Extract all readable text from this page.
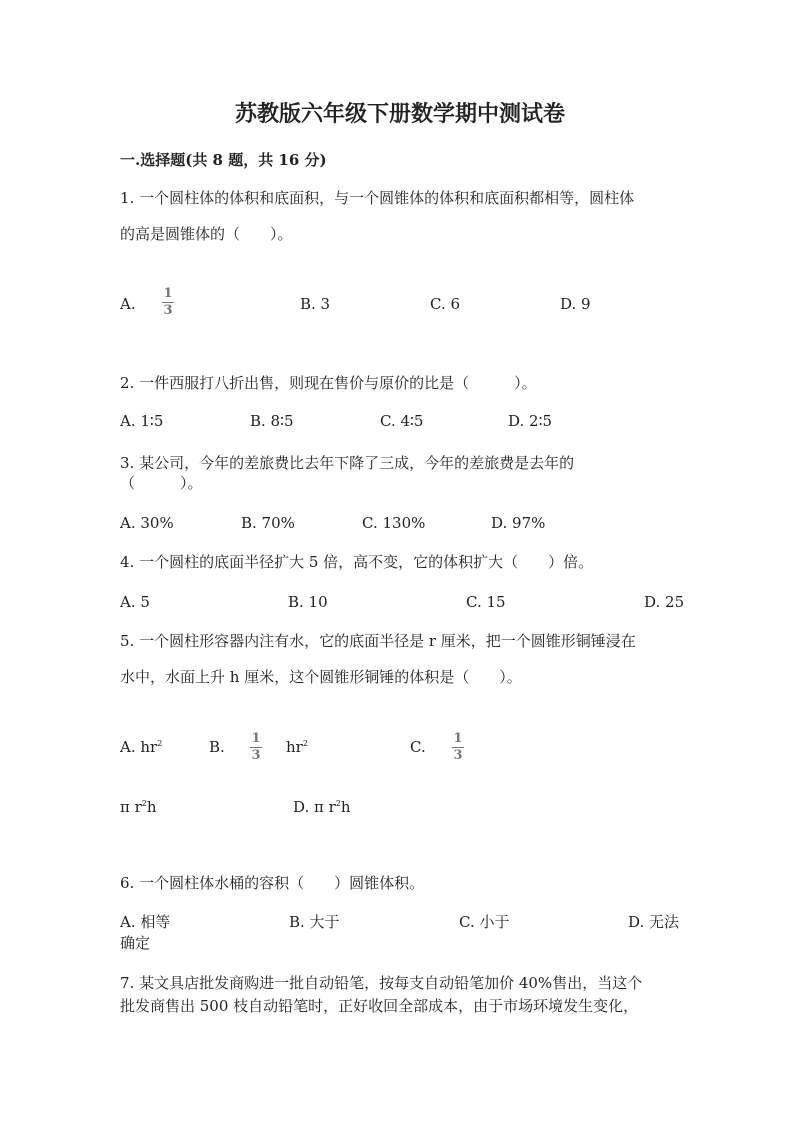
苏教版六年级下册数学期中测试卷
一.选择题(共 8 题，共 16 分)
1. 一个圆柱体的体积和底面积，与一个圆锥体的体积和底面积都相等，圆柱体
的高是圆锥体的（　　）。
A.
1
3	B. 3	C. 6	D. 9
2. 一件西服打八折出售，则现在售价与原价的比是（　　　）。
A. 1∶5	B. 8∶5	C. 4∶5	D. 2∶5
3. 某公司，今年的差旅费比去年下降了三成，今年的差旅费是去年的
（　　　）。
A. 30%	B. 70%	C. 130%	D. 97%
4. 一个圆柱的底面半径扩大 5 倍，高不变，它的体积扩大（　　）倍。
A. 5	B. 10	C. 15	D. 25
5. 一个圆柱形容器内注有水，它的底面半径是 r 厘米，把一个圆锥形铜锤浸在
水中，水面上升 h 厘米，这个圆锥形铜锤的体积是（　　）。
A. $hr^2$	B. 1
3 $hr^2$	C. 1
3
π $r^2h$	D. π $r^2h$
6. 一个圆柱体水桶的容积（　　）圆锥体积。
A. 相等	B. 大于	C. 小于	D. 无法
确定
7. 某文具店批发商购进一批自动铅笔，按每支自动铅笔加价 40%售出，当这个
批发商售出 500 枝自动铅笔时，正好收回全部成本，由于市场环境发生变化，
